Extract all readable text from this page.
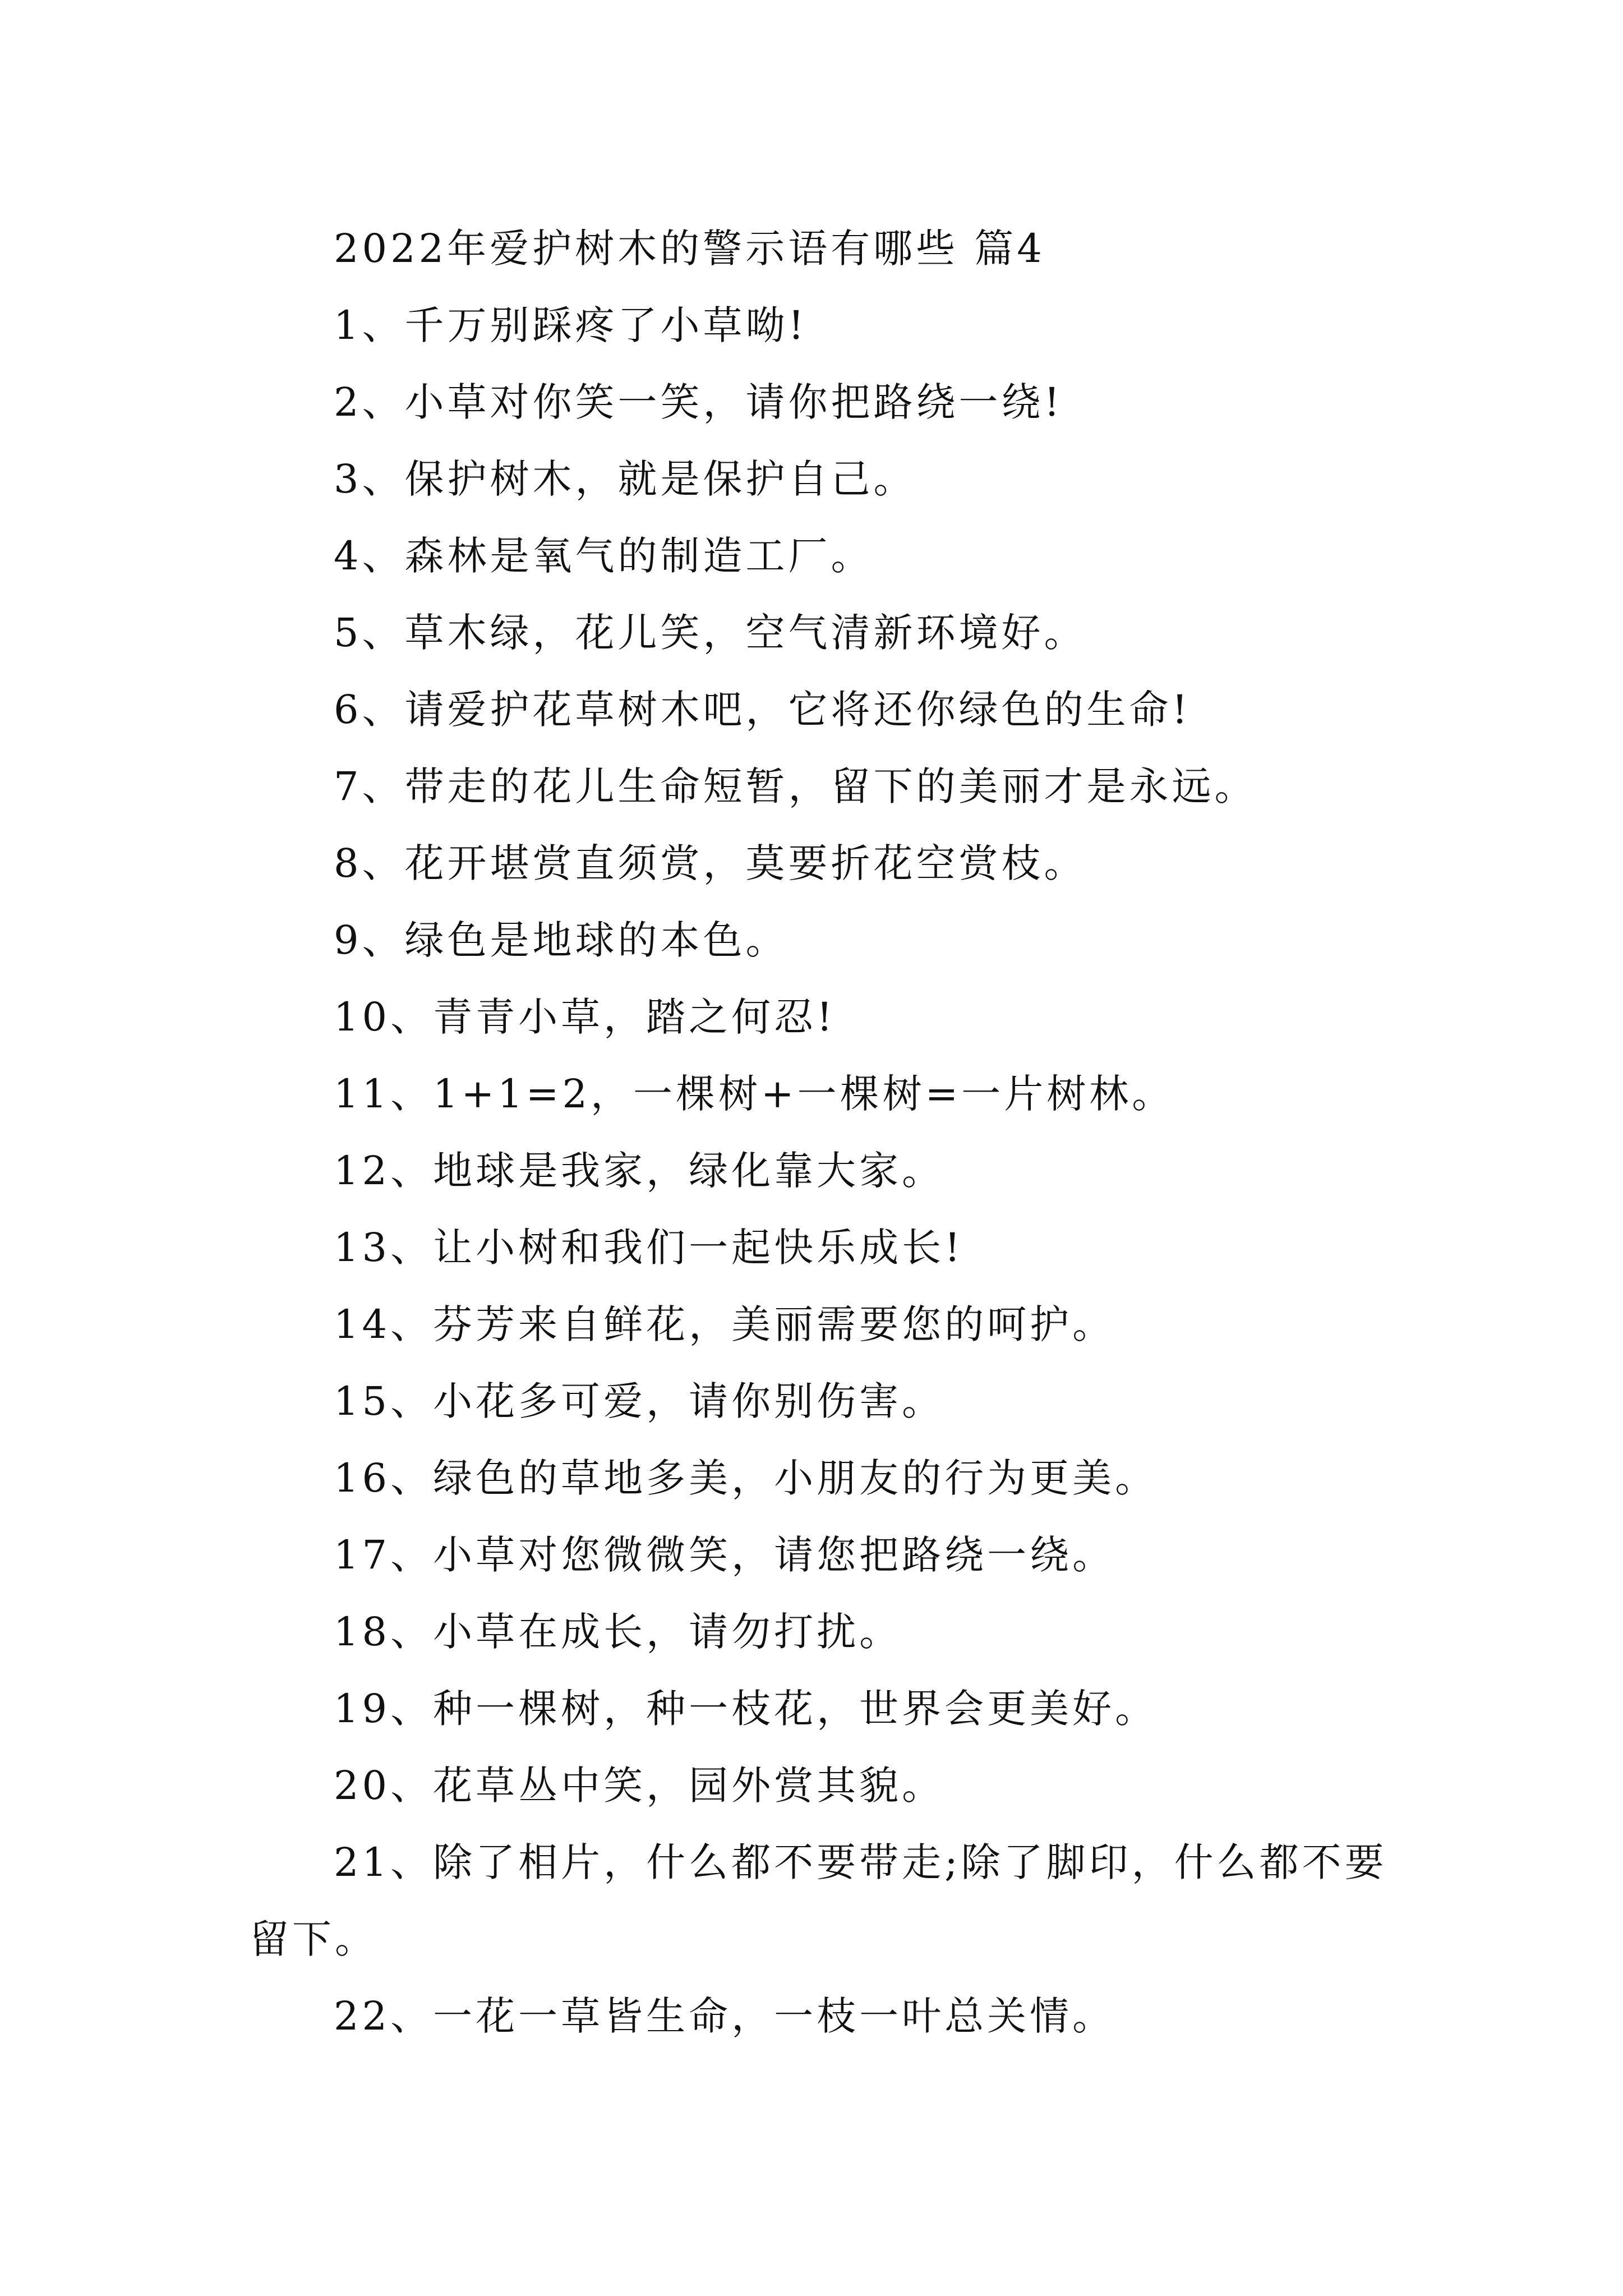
2022年爱护树木的警示语有哪些 篇4
1、千万别踩疼了小草呦!
2、小草对你笑一笑，请你把路绕一绕!
3、保护树木，就是保护自己。
4、森林是氧气的制造工厂。
5、草木绿，花儿笑，空气清新环境好。
6、请爱护花草树木吧，它将还你绿色的生命!
7、带走的花儿生命短暂，留下的美丽才是永远。
8、花开堪赏直须赏，莫要折花空赏枝。
9、绿色是地球的本色。
10、青青小草，踏之何忍!
11、1+1=2，一棵树+一棵树=一片树林。
12、地球是我家，绿化靠大家。
13、让小树和我们一起快乐成长!
14、芬芳来自鲜花，美丽需要您的呵护。
15、小花多可爱，请你别伤害。
16、绿色的草地多美，小朋友的行为更美。
17、小草对您微微笑，请您把路绕一绕。
18、小草在成长，请勿打扰。
19、种一棵树，种一枝花，世界会更美好。
20、花草丛中笑，园外赏其貌。
21、除了相片，什么都不要带走;除了脚印，什么都不要留下。
22、一花一草皆生命，一枝一叶总关情。
